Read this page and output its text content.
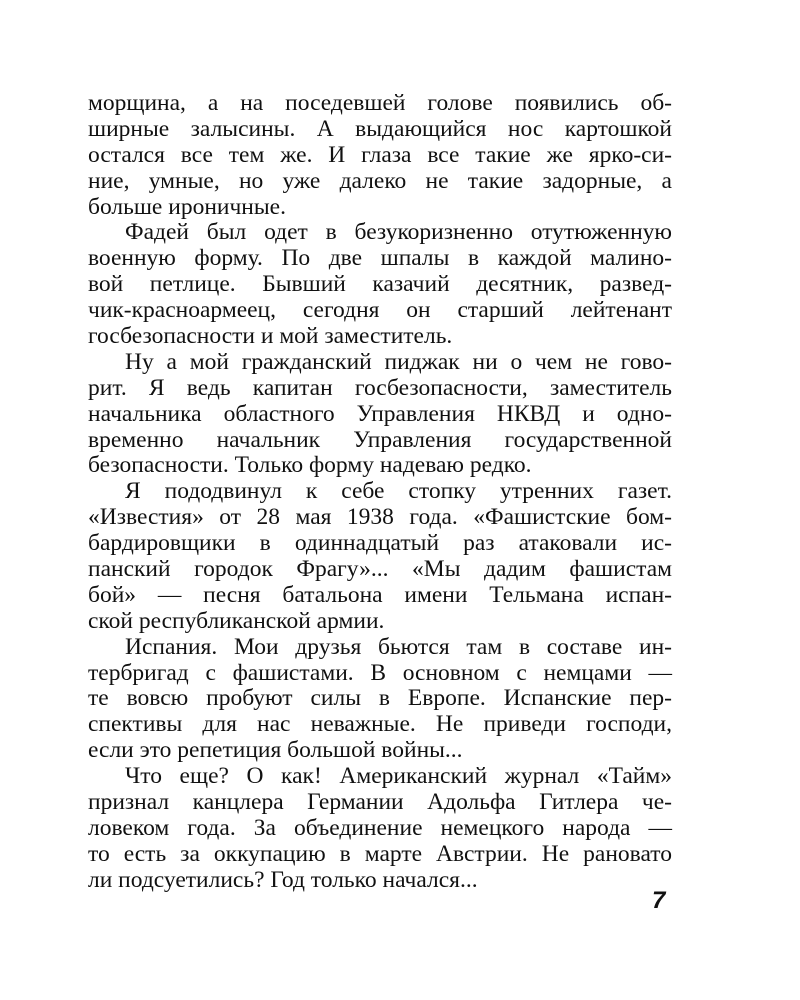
морщина, а на поседевшей голове появились об-
ширные залысины. А выдающийся нос картошкой
остался все тем же. И глаза все такие же ярко-си-
ние, умные, но уже далеко не такие задорные, а
больше ироничные.
Фадей был одет в безукоризненно отутюженную
военную форму. По две шпалы в каждой малино-
вой петлице. Бывший казачий десятник, развед-
чик-красноармеец, сегодня он старший лейтенант
госбезопасности и мой заместитель.
Ну а мой гражданский пиджак ни о чем не гово-
рит. Я ведь капитан госбезопасности, заместитель
начальника областного Управления НКВД и одно-
временно начальник Управления государственной
безопасности. Только форму надеваю редко.
Я пододвинул к себе стопку утренних газет.
«Известия» от 28 мая 1938 года. «Фашистские бом-
бардировщики в одиннадцатый раз атаковали ис-
панский городок Фрагу»... «Мы дадим фашистам
бой» — песня батальона имени Тельмана испан-
ской республиканской армии.
Испания. Мои друзья бьются там в составе ин-
тербригад с фашистами. В основном с немцами —
те вовсю пробуют силы в Европе. Испанские пер-
спективы для нас неважные. Не приведи господи,
если это репетиция большой войны...
Что еще? О как! Американский журнал «Тайм»
признал канцлера Германии Адольфа Гитлера че-
ловеком года. За объединение немецкого народа —
то есть за оккупацию в марте Австрии. Не рановато
ли подсуетились? Год только начался...
7
